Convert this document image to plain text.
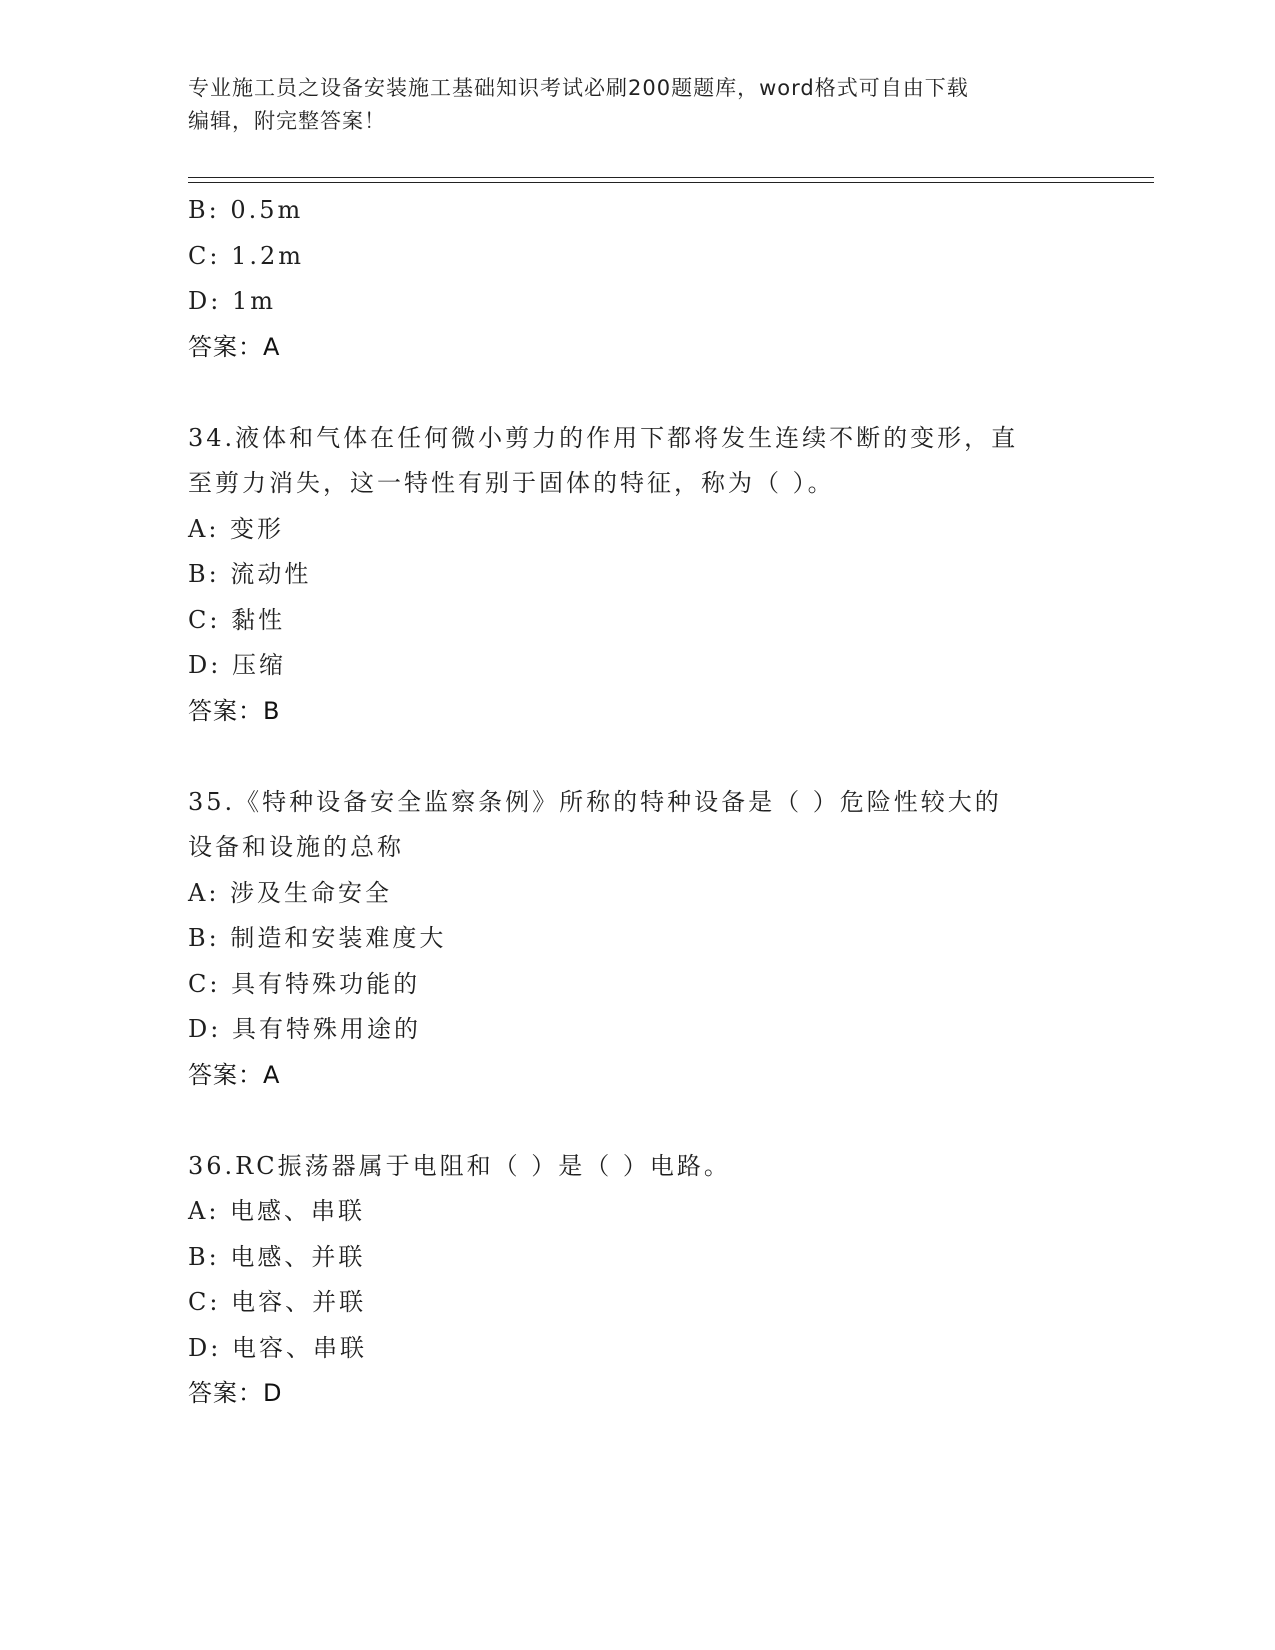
专业施工员之设备安装施工基础知识考试必刷200题题库，word格式可自由下载
编辑，附完整答案！
B: 0.5m
C: 1.2m
D: 1m
答案：A
34.液体和气体在任何微小剪力的作用下都将发生连续不断的变形，直
至剪力消失，这一特性有别于固体的特征，称为（ ）。
A: 变形
B: 流动性
C: 黏性
D: 压缩
答案：B
35.《特种设备安全监察条例》所称的特种设备是（ ）危险性较大的
设备和设施的总称
A: 涉及生命安全
B: 制造和安装难度大
C: 具有特殊功能的
D: 具有特殊用途的
答案：A
36.RC振荡器属于电阻和（ ）是（ ）电路。
A: 电感、串联
B: 电感、并联
C: 电容、并联
D: 电容、串联
答案：D
